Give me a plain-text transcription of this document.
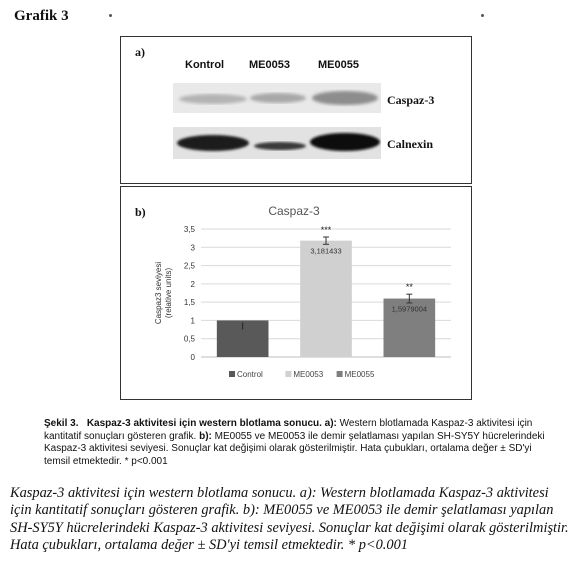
Grafik 3
a)
Kontrol ME0053	ME0055
Caspaz-3
Calnexin
b)	Caspaz-3
0
0,5
1
1,5
2
2,5
3
3,5	***
3,181433
**
1,5979004
Caspaz3 seviyesi (relative units)
Control	ME0053	ME0055
Şekil 3. Kaspaz-3 aktivitesi için western blotlama sonucu. a): Western blotlamada Kaspaz-3 aktivitesi için kantitatif sonuçları gösteren grafik. b): ME0055 ve ME0053 ile demir şelatlaması yapılan SH-SY5Y hücrelerindeki Kaspaz-3 aktivitesi seviyesi. Sonuçlar kat değişimi olarak gösterilmiştir. Hata çubukları, ortalama değer ± SD'yi temsil etmektedir. * p<0.001
Kaspaz-3 aktivitesi için western blotlama sonucu. a): Western blotlamada Kaspaz-3 aktivitesi için kantitatif sonuçları gösteren grafik. b): ME0055 ve ME0053 ile demir şelatlaması yapılan SH-SY5Y hücrelerindeki Kaspaz-3 aktivitesi seviyesi. Sonuçlar kat değişimi olarak gösterilmiştir. Hata çubukları, ortalama değer ± SD'yi temsil etmektedir. * p<0.001
